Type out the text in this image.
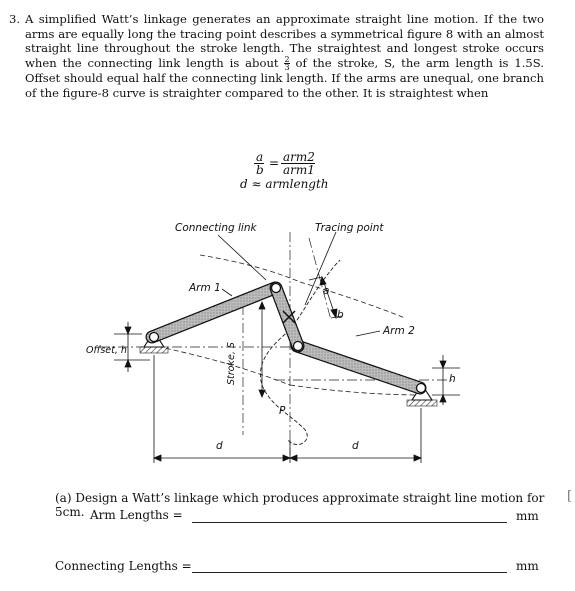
3. A simplified Watt’s linkage generates an approximate straight line motion. If the two arms are equally long the tracing point describes a symmetrical figure 8 with an almost straight line throughout the stroke length. The straightest and longest stroke occurs when the connecting link length is about $\frac{2}{3}$ of the stroke, S, the arm length is 1.5S. Offset should equal half the connecting link length. If the arms are unequal, one branch of the figure-8 curve is straighter compared to the other. It is straightest when
a
b = arm2
arm1
d ≈ armlength
Connecting link	Tracing point
Arm 1
Arm 2
Offset, h	Stroke, S
a
b
h
P
d	d
(a) Design a Watt’s linkage which produces approximate straight line motion for 5cm. Arm Lengths =	mm
Connecting Lengths =	mm
[
